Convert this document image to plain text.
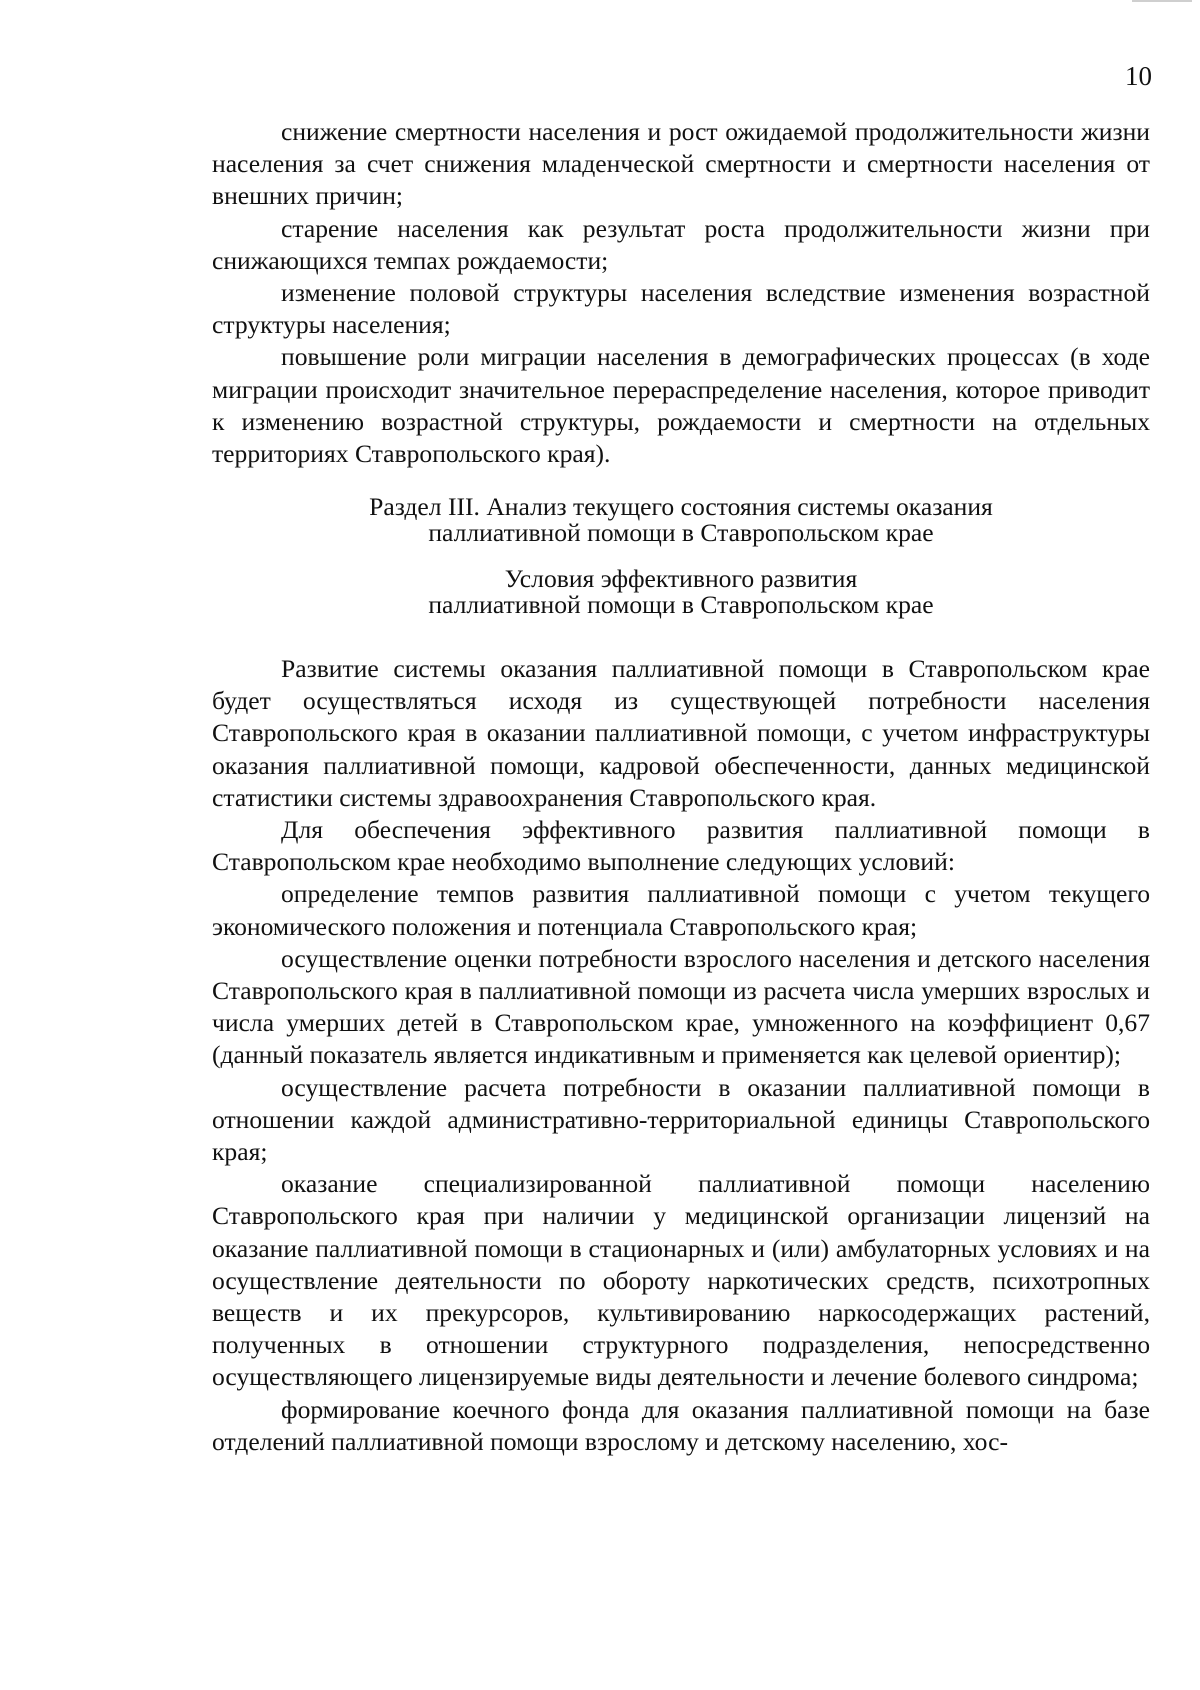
10

снижение смертности населения и рост ожидаемой продолжительности жизни населения за счет снижения младенческой смертности и смертности населения от внешних причин;

старение населения как результат роста продолжительности жизни при снижающихся темпах рождаемости;

изменение половой структуры населения вследствие изменения возрастной структуры населения;

повышение роли миграции населения в демографических процессах (в ходе миграции происходит значительное перераспределение населения, которое приводит к изменению возрастной структуры, рождаемости и смертности на отдельных территориях Ставропольского края).

Раздел III. Анализ текущего состояния системы оказания
паллиативной помощи в Ставропольском крае
Условия эффективного развития
паллиативной помощи в Ставропольском крае

Развитие системы оказания паллиативной помощи в Ставропольском крае будет осуществляться исходя из существующей потребности населения Ставропольского края в оказании паллиативной помощи, с учетом инфраструктуры оказания паллиативной помощи, кадровой обеспеченности, данных медицинской статистики системы здравоохранения Ставропольского края.

Для обеспечения эффективного развития паллиативной помощи в Ставропольском крае необходимо выполнение следующих условий:

определение темпов развития паллиативной помощи с учетом текущего экономического положения и потенциала Ставропольского края;

осуществление оценки потребности взрослого населения и детского населения Ставропольского края в паллиативной помощи из расчета числа умерших взрослых и числа умерших детей в Ставропольском крае, умноженного на коэффициент 0,67 (данный показатель является индикативным и применяется как целевой ориентир);

осуществление расчета потребности в оказании паллиативной помощи в отношении каждой административно-территориальной единицы Ставропольского края;

оказание специализированной паллиативной помощи населению Ставропольского края при наличии у медицинской организации лицензий на оказание паллиативной помощи в стационарных и (или) амбулаторных условиях и на осуществление деятельности по обороту наркотических средств, психотропных веществ и их прекурсоров, культивированию наркосодержащих растений, полученных в отношении структурного подразделения, непосредственно осуществляющего лицензируемые виды деятельности и лечение болевого синдрома;

формирование коечного фонда для оказания паллиативной помощи на базе отделений паллиативной помощи взрослому и детскому населению, хос-
